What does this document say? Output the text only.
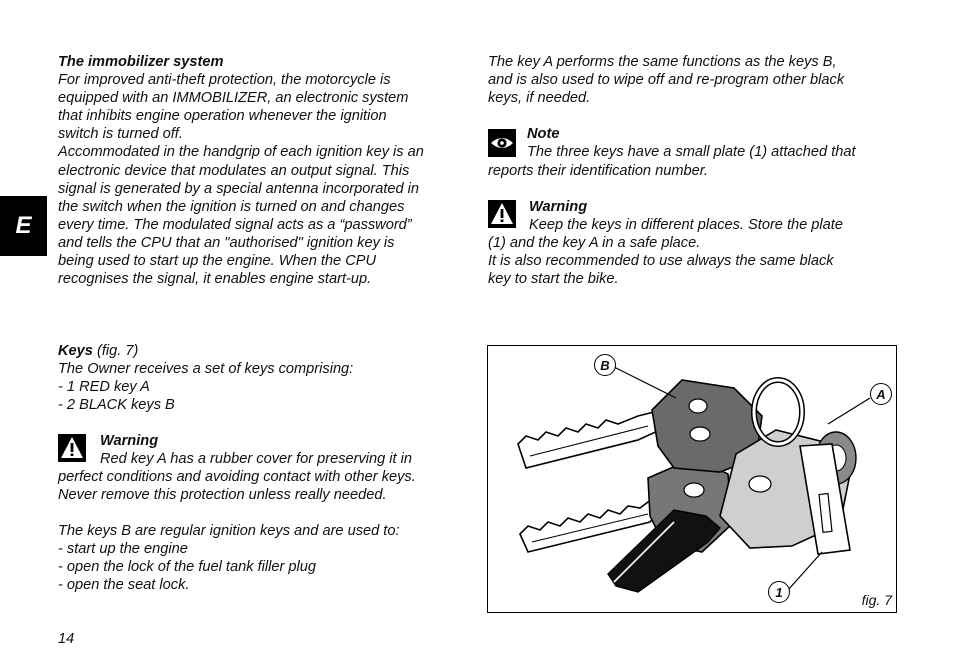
E

The immobilizer system

For improved anti-theft protection, the motorcycle is

equipped with an IMMOBILIZER, an electronic system

that inhibits engine operation whenever the ignition

switch is turned off.

Accommodated in the handgrip of each ignition key is an

electronic device that modulates an output signal. This

signal is generated by a special antenna incorporated in

the switch when the ignition is turned on and changes

every time. The modulated signal acts as a “password”

and tells the CPU that an "authorised" ignition key is

being used to start up the engine. When the CPU

recognises the signal, it enables engine start-up.

Keys (fig. 7)

The Owner receives a set of keys comprising:

- 1 RED key A

- 2 BLACK keys B

Warning

Red key A has a rubber cover for preserving it in

perfect conditions and avoiding contact with other keys.

Never remove this protection unless really needed.

The keys B are regular ignition keys and are used to:

- start up the engine

- open the lock of the fuel tank filler plug

- open the seat lock.

The key A performs the same functions as the keys B,

and is also used to wipe off and re-program other black

keys, if needed.

Note

The three keys have a small plate (1) attached that

reports their identification number.

Warning

Keep the keys in different places. Store the plate

(1) and the key A in a safe place.

It is also recommended to use always the same black

key to start the bike.

B
A
1	fig. 7
14
